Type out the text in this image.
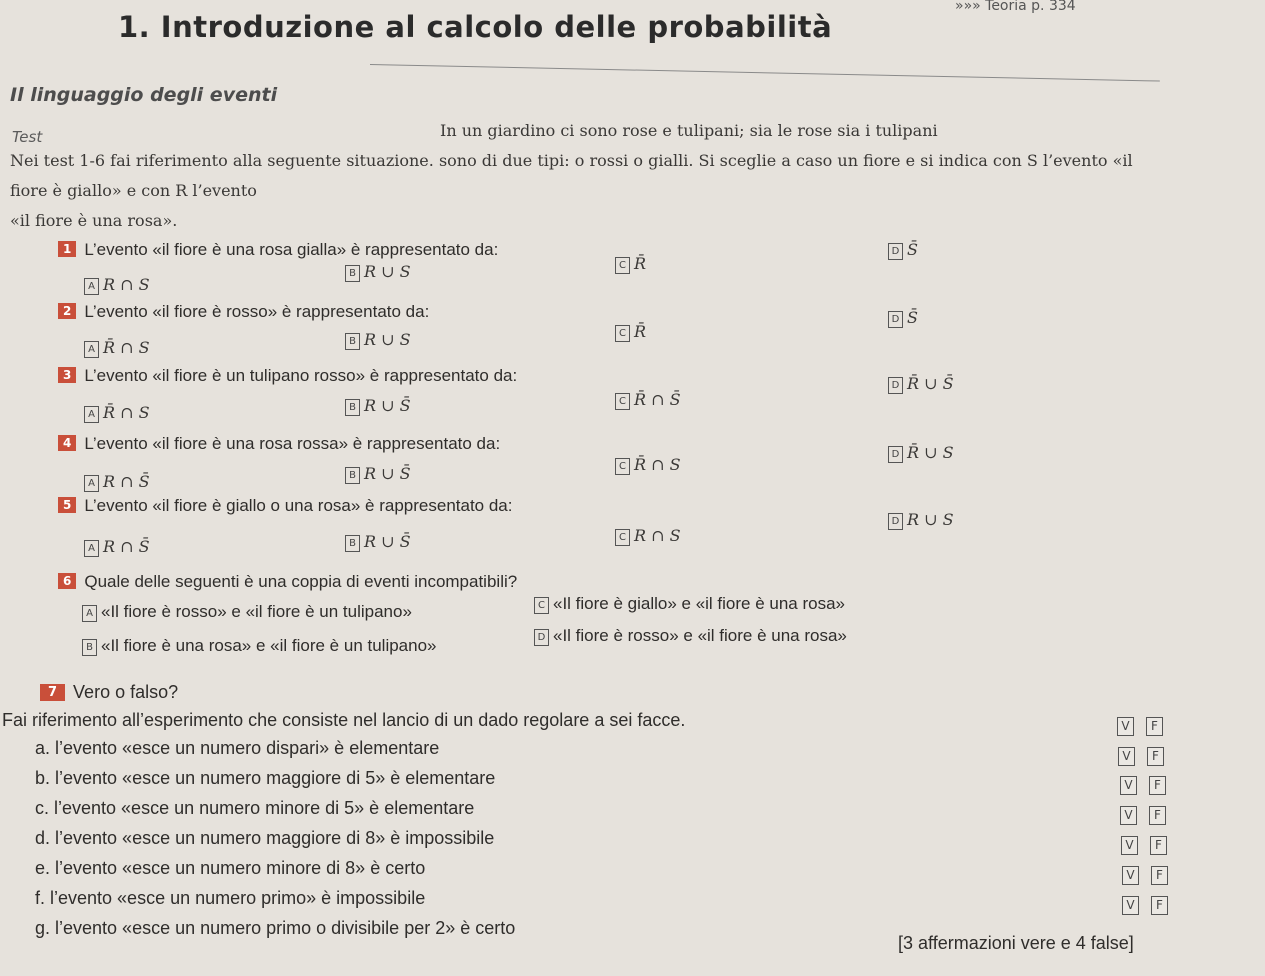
1. Introduzione al calcolo delle probabilità
»»» Teoria p. 334
Il linguaggio degli eventi
Test	In un giardino ci sono rose e tulipani; sia le rose sia i tulipani

Nei test 1-6 fai riferimento alla seguente situazione. sono di due tipi: o rossi o gialli. Si sceglie a caso un fiore e si indica con S l’evento «il fiore è giallo» e con R l’evento

«il fiore è una rosa».

1 L’evento «il fiore è una rosa gialla» è rappresentato da:
A R ∩ S
B R ∪ S	C R̄
D S̄
2 L’evento «il fiore è rosso» è rappresentato da:
A R̄ ∩ S	B R ∪ S	C R̄
D S̄
3 L’evento «il fiore è un tulipano rosso» è rappresentato da:
A R̄ ∩ S	B R ∪ S̄	C R̄ ∩ S̄
D R̄ ∪ S̄
4 L’evento «il fiore è una rosa rossa» è rappresentato da:
A R ∩ S̄	B R ∪ S̄	C R̄ ∩ S
D R̄ ∪ S
5 L’evento «il fiore è giallo o una rosa» è rappresentato da:
A R ∩ S̄	B R ∪ S̄	C R ∩ S
D R ∪ S
6 Quale delle seguenti è una coppia di eventi incompatibili?
A «Il fiore è rosso» e «il fiore è un tulipano»
B «Il fiore è una rosa» e «il fiore è un tulipano»
C «Il fiore è giallo» e «il fiore è una rosa»
D «Il fiore è rosso» e «il fiore è una rosa»
7 Vero o falso?
Fai riferimento all’esperimento che consiste nel lancio di un dado regolare a sei facce.
a. l’evento «esce un numero dispari» è elementare
V F
b. l’evento «esce un numero maggiore di 5» è elementare
V F
c. l’evento «esce un numero minore di 5» è elementare
V F
d. l’evento «esce un numero maggiore di 8» è impossibile
V F
e. l’evento «esce un numero minore di 8» è certo
V F
f. l’evento «esce un numero primo» è impossibile
V F
g. l’evento «esce un numero primo o divisibile per 2» è certo
V F
[3 affermazioni vere e 4 false]
